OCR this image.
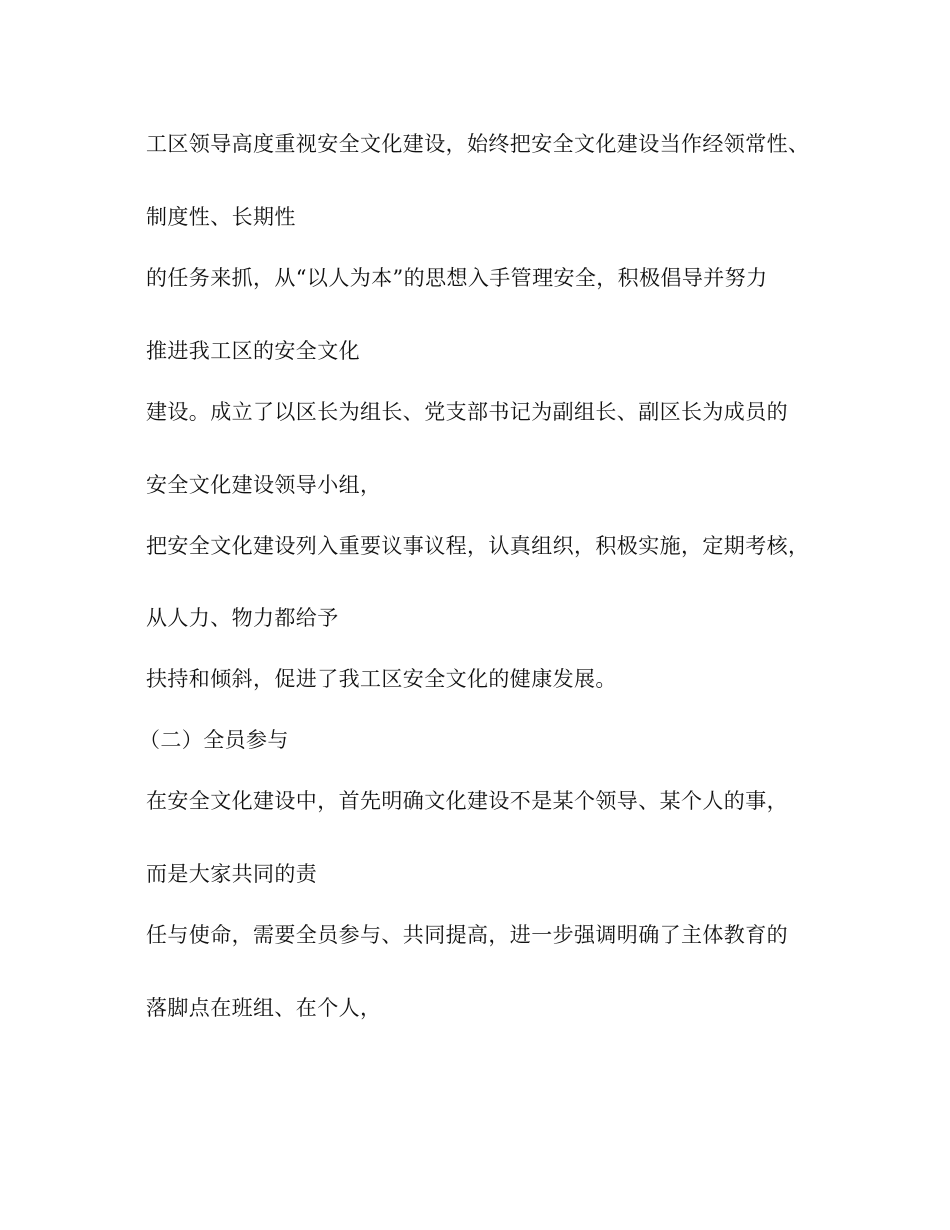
工区领导高度重视安全文化建设，始终把安全文化建设当作经领常性、
制度性、长期性
的任务来抓，从“以人为本”的思想入手管理安全，积极倡导并努力
推进我工区的安全文化
建设。成立了以区长为组长、党支部书记为副组长、副区长为成员的
安全文化建设领导小组，
把安全文化建设列入重要议事议程，认真组织，积极实施，定期考核，
从人力、物力都给予
扶持和倾斜，促进了我工区安全文化的健康发展。
（二）全员参与
在安全文化建设中，首先明确文化建设不是某个领导、某个人的事，
而是大家共同的责
任与使命，需要全员参与、共同提高，进一步强调明确了主体教育的
落脚点在班组、在个人，
